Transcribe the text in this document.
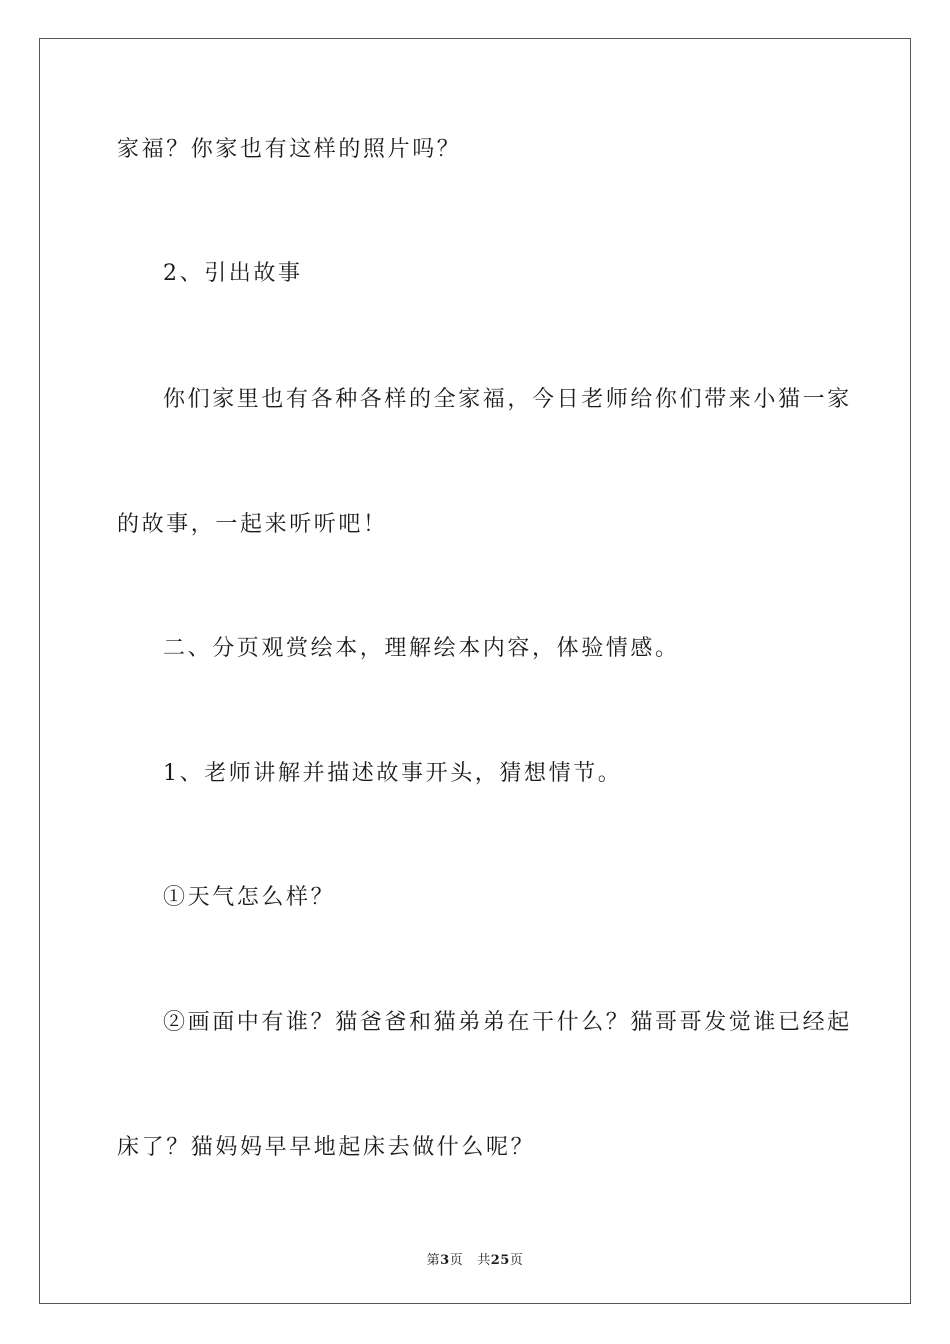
家福？你家也有这样的照片吗？
2、引出故事
你们家里也有各种各样的全家福，今日老师给你们带来小猫一家
的故事，一起来听听吧！
二、分页观赏绘本，理解绘本内容，体验情感。
1、老师讲解并描述故事开头，猜想情节。
①天气怎么样？
②画面中有谁？猫爸爸和猫弟弟在干什么？猫哥哥发觉谁已经起
床了？猫妈妈早早地起床去做什么呢？
第3页 共25页
